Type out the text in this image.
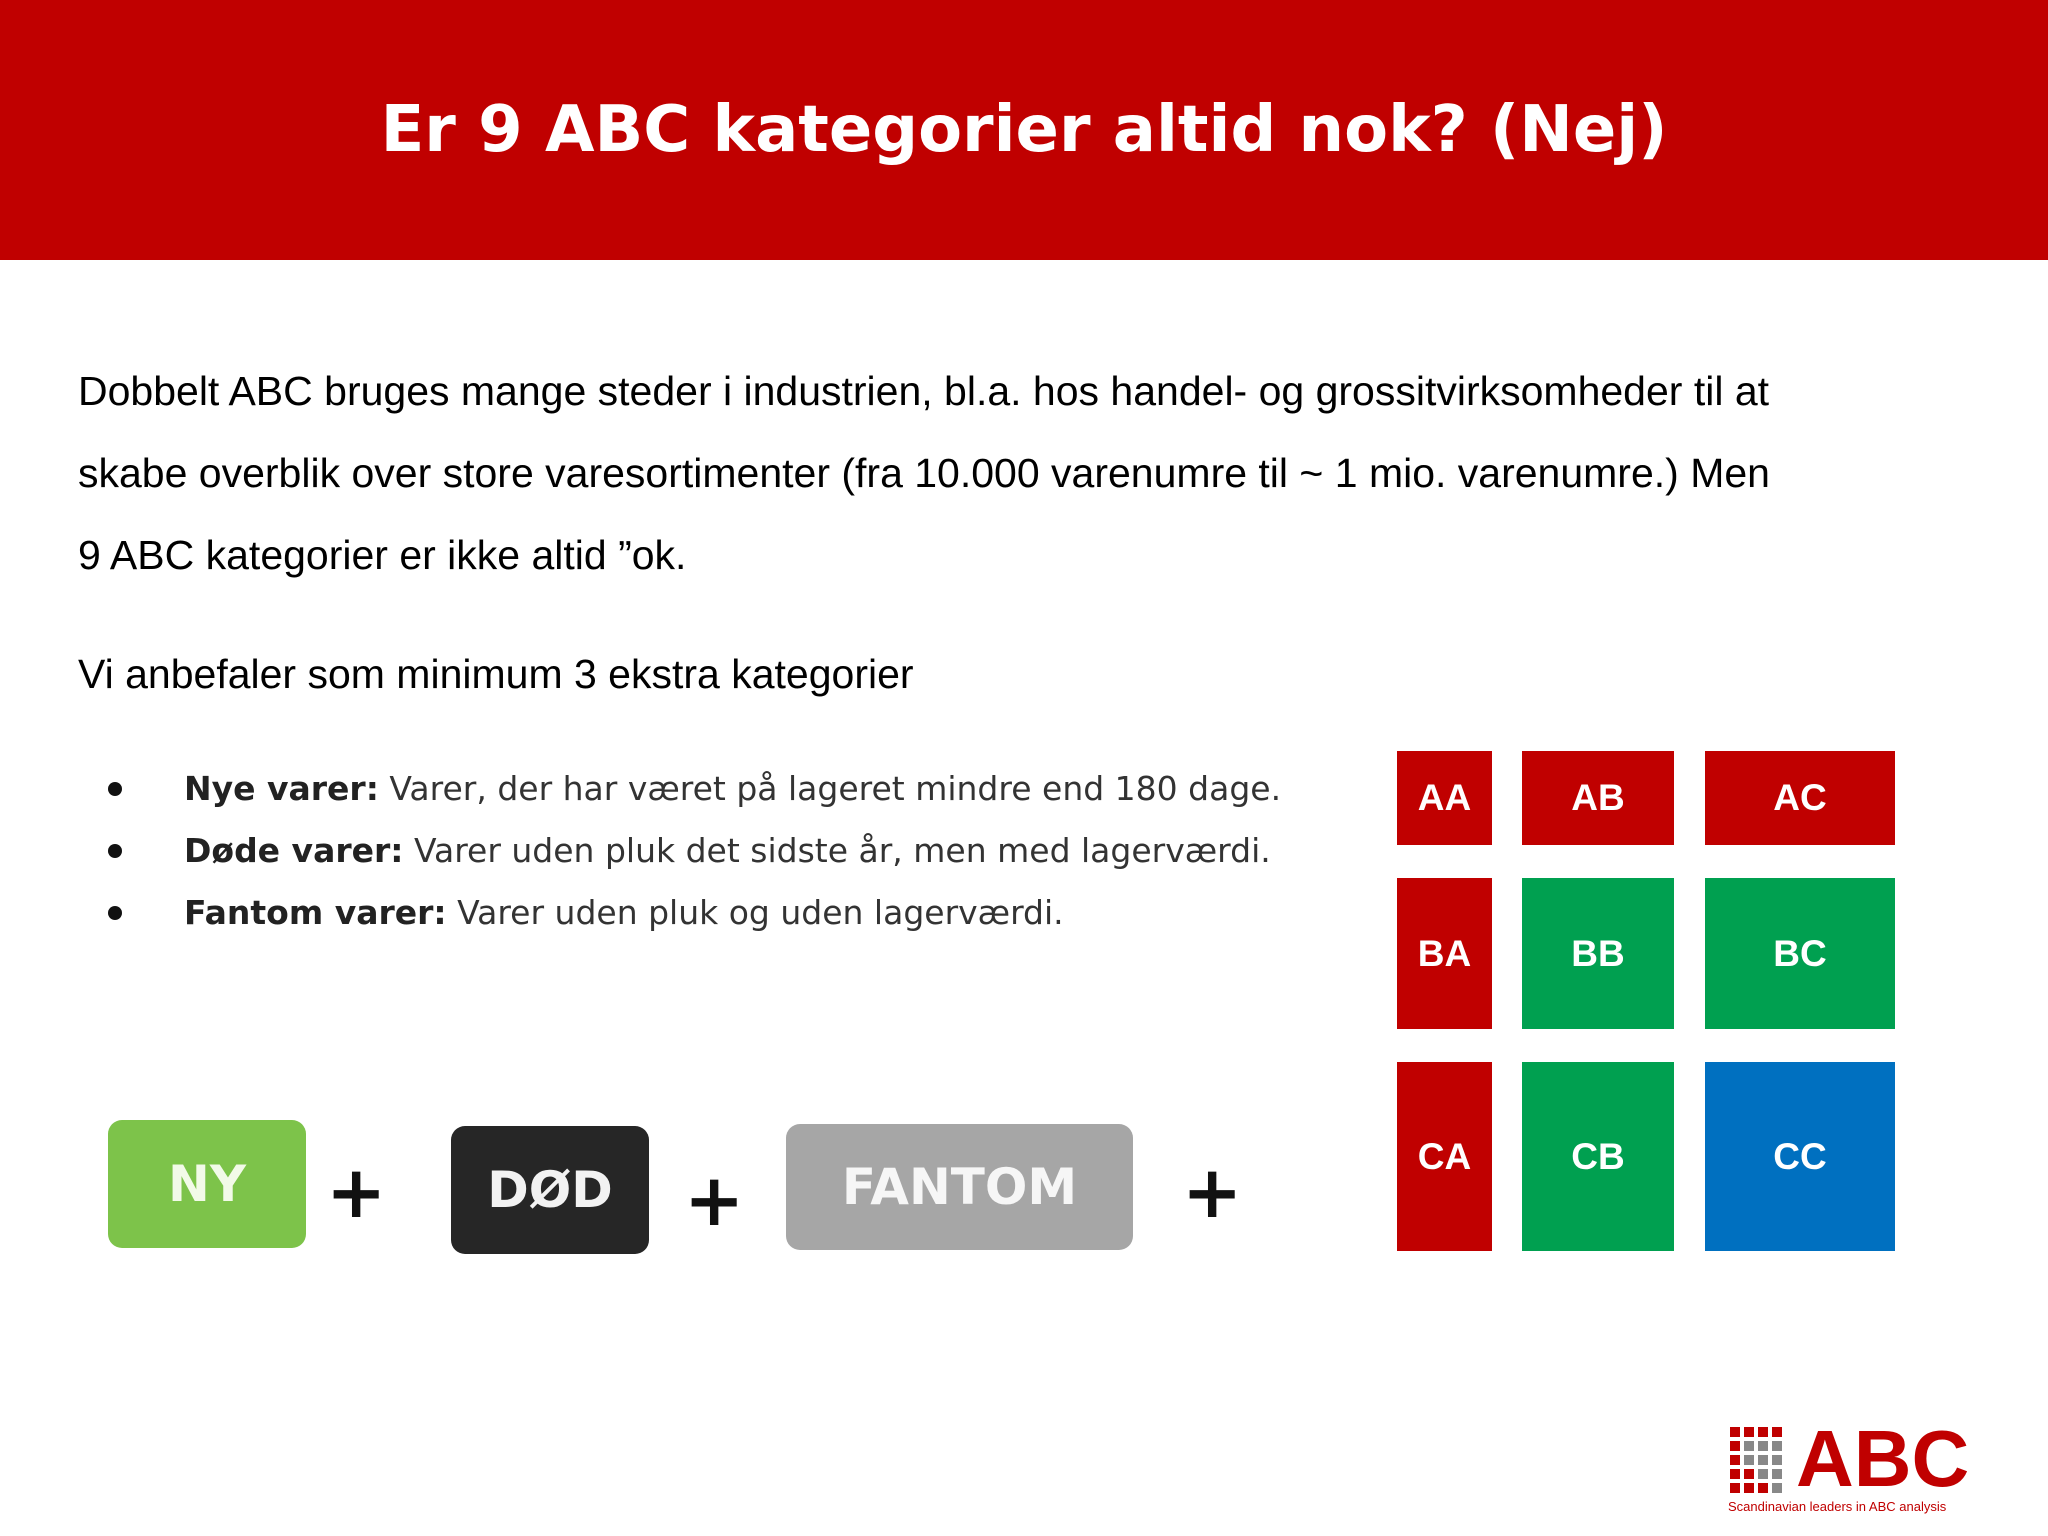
Er 9 ABC kategorier altid nok? (Nej)

Dobbelt ABC bruges mange steder i industrien, bl.a. hos handel- og grossitvirksomheder til at skabe overblik over store varesortimenter (fra 10.000 varenumre til ~ 1 mio. varenumre.) Men 9 ABC kategorier er ikke altid ”ok.

Vi anbefaler som minimum 3 ekstra kategorier

Nye varer: Varer, der har været på lageret mindre end 180 dage.
Døde varer: Varer uden pluk det sidste år, men med lagerværdi.
Fantom varer: Varer uden pluk og uden lagerværdi.
NY	+	DØD +	FANTOM	+
AA	AB	AC
BA	BB	BC
CA	CB	CC
ABC
Scandinavian leaders in ABC analysis
